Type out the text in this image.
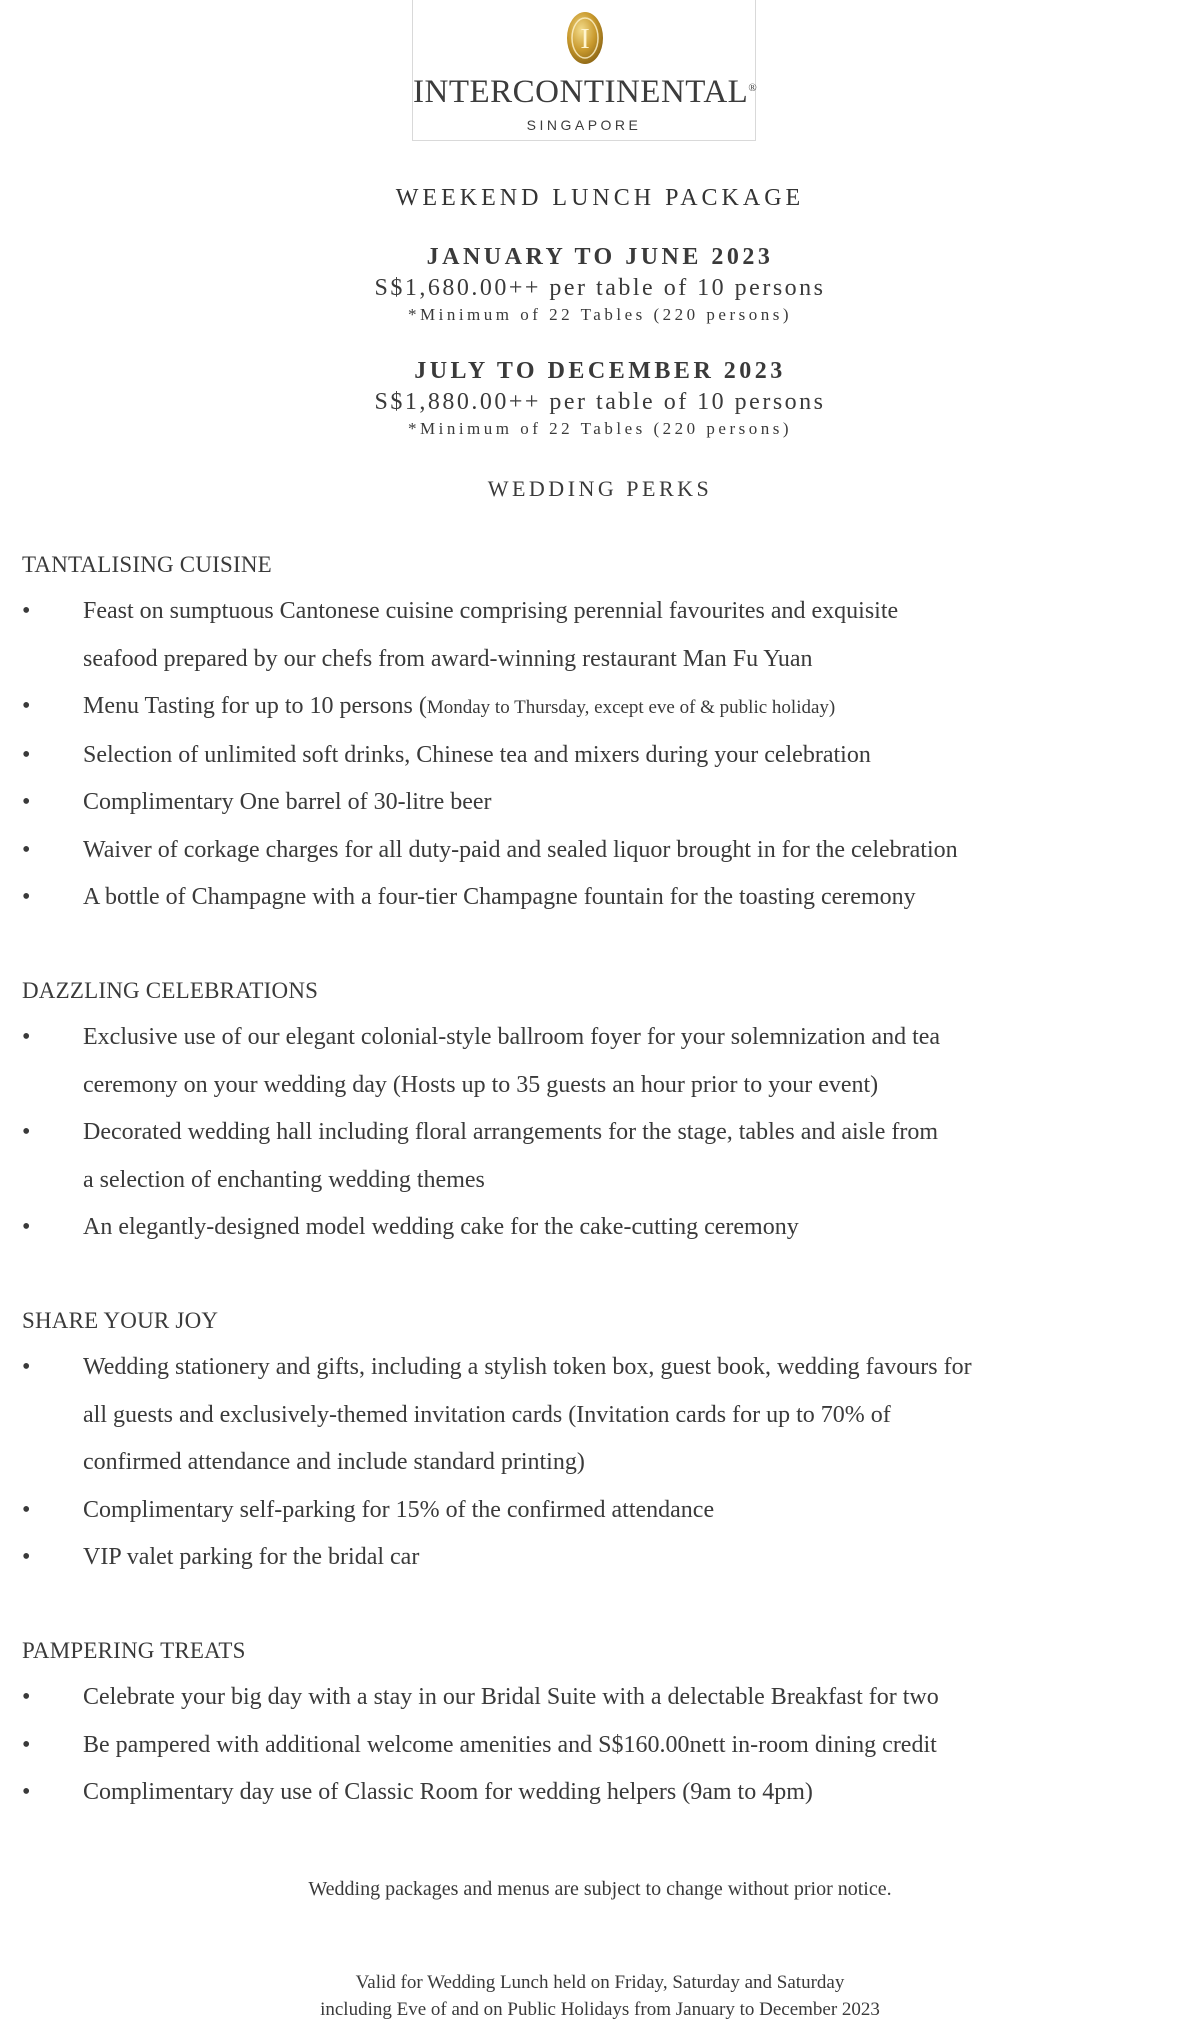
I
INTERCONTINENTAL®
SINGAPORE
WEEKEND LUNCH PACKAGE
JANUARY TO JUNE 2023
S$1,680.00++ per table of 10 persons
*Minimum of 22 Tables (220 persons)
JULY TO DECEMBER 2023
S$1,880.00++ per table of 10 persons
*Minimum of 22 Tables (220 persons)
WEDDING PERKS
TANTALISING CUISINE
• Feast on sumptuous Cantonese cuisine comprising perennial favourites and exquisite
seafood prepared by our chefs from award-winning restaurant Man Fu Yuan
• Menu Tasting for up to 10 persons (Monday to Thursday, except eve of & public holiday)
• Selection of unlimited soft drinks, Chinese tea and mixers during your celebration
• Complimentary One barrel of 30-litre beer
• Waiver of corkage charges for all duty-paid and sealed liquor brought in for the celebration
• A bottle of Champagne with a four-tier Champagne fountain for the toasting ceremony
DAZZLING CELEBRATIONS
• Exclusive use of our elegant colonial-style ballroom foyer for your solemnization and tea
ceremony on your wedding day (Hosts up to 35 guests an hour prior to your event)
• Decorated wedding hall including floral arrangements for the stage, tables and aisle from
a selection of enchanting wedding themes
• An elegantly-designed model wedding cake for the cake-cutting ceremony
SHARE YOUR JOY
• Wedding stationery and gifts, including a stylish token box, guest book, wedding favours for
all guests and exclusively-themed invitation cards (Invitation cards for up to 70% of
confirmed attendance and include standard printing)
• Complimentary self-parking for 15% of the confirmed attendance
• VIP valet parking for the bridal car
PAMPERING TREATS
• Celebrate your big day with a stay in our Bridal Suite with a delectable Breakfast for two
• Be pampered with additional welcome amenities and S$160.00nett in-room dining credit
• Complimentary day use of Classic Room for wedding helpers (9am to 4pm)
Wedding packages and menus are subject to change without prior notice.
Valid for Wedding Lunch held on Friday, Saturday and Saturday
including Eve of and on Public Holidays from January to December 2023
